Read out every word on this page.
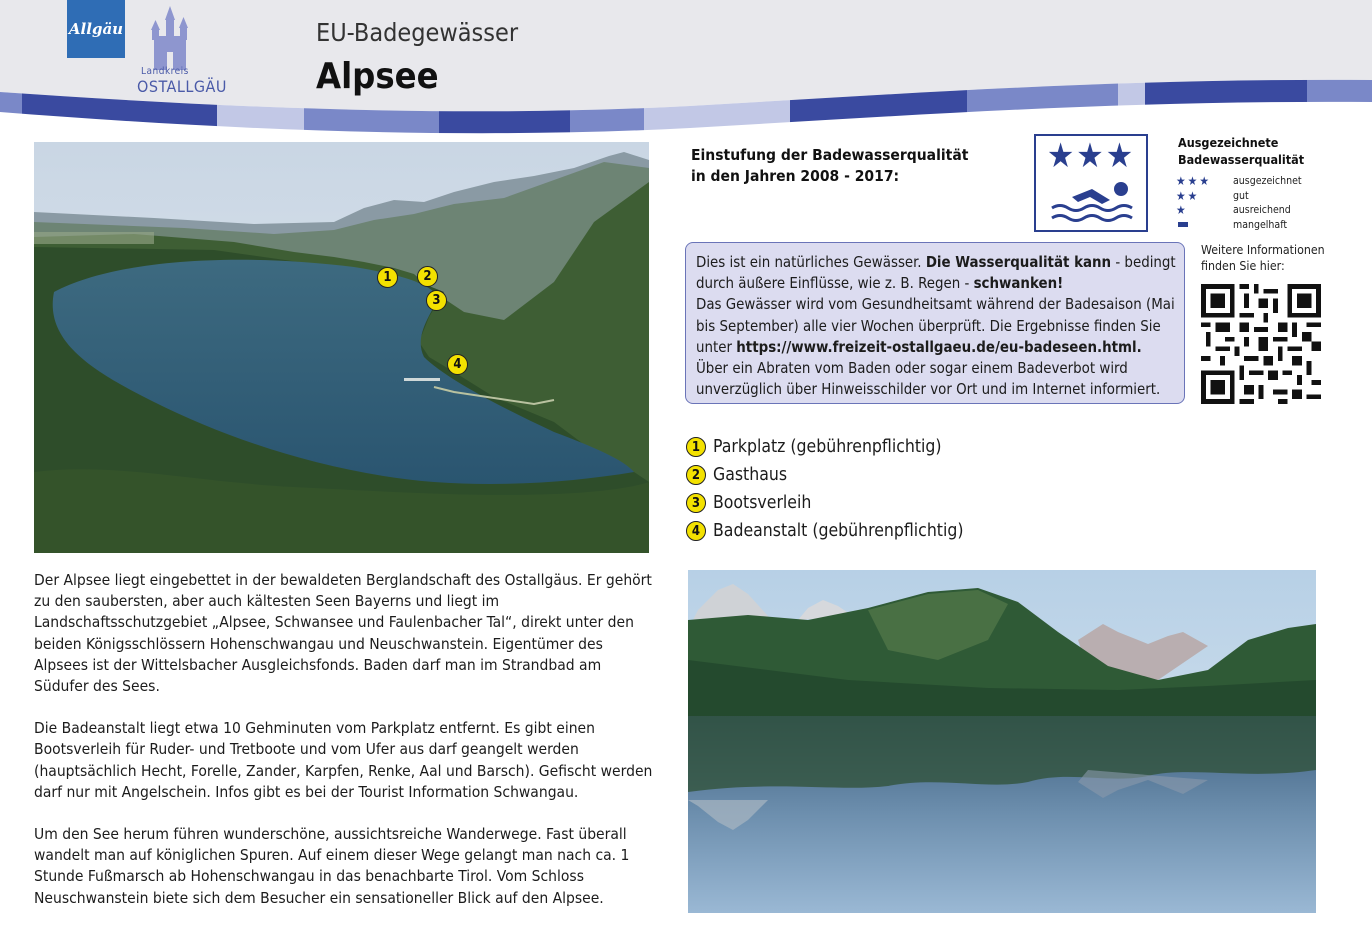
Allgäu
Landkreis
OSTALLGÄU
EU-Badegewässer
Alpsee
1	2
3
4

Der Alpsee liegt eingebettet in der bewaldeten Berglandschaft des Ostallgäus. Er gehört zu den saubersten, aber auch kältesten Seen Bayerns und liegt im Landschaftsschutzgebiet „Alpsee, Schwansee und Faulenbacher Tal“, direkt unter den beiden Königsschlössern Hohenschwangau und Neuschwanstein. Eigentümer des Alpsees ist der Wittelsbacher Ausgleichsfonds. Baden darf man im Strandbad am Südufer des Sees.

Die Badeanstalt liegt etwa 10 Gehminuten vom Parkplatz entfernt. Es gibt einen Bootsverleih für Ruder- und Tretboote und vom Ufer aus darf geangelt werden (hauptsächlich Hecht, Forelle, Zander, Karpfen, Renke, Aal und Barsch). Gefischt werden darf nur mit Angelschein. Infos gibt es bei der Tourist Information Schwangau.

Um den See herum führen wunderschöne, aussichtsreiche Wanderwege. Fast überall wandelt man auf königlichen Spuren. Auf einem dieser Wege gelangt man nach ca. 1 Stunde Fußmarsch ab Hohenschwangau in das benachbarte Tirol. Vom Schloss Neuschwanstein biete sich dem Besucher ein sensationeller Blick auf den Alpsee.

Einstufung der Badewasserqualität
in den Jahren 2008 - 2017:	★★★	Ausgezeichnete
Badewasserqualität
★★★	ausgezeichnet
★★	gut
★	ausreichend
mangelhaft
Dies ist ein natürliches Gewässer. Die Wasserqualität kann - bedingt durch äußere Einflüsse, wie z. B. Regen - schwanken!
Das Gewässer wird vom Gesundheitsamt während der Badesaison (Mai bis September) alle vier Wochen überprüft. Die Ergebnisse finden Sie unter https://www.freizeit-ostallgaeu.de/eu-badeseen.html.
Über ein Abraten vom Baden oder sogar einem Badeverbot wird unverzüglich über Hinweisschilder vor Ort und im Internet informiert.
Weitere Informationen
finden Sie hier:
1 Parkplatz (gebührenpflichtig)
2 Gasthaus
3 Bootsverleih
4 Badeanstalt (gebührenpflichtig)
